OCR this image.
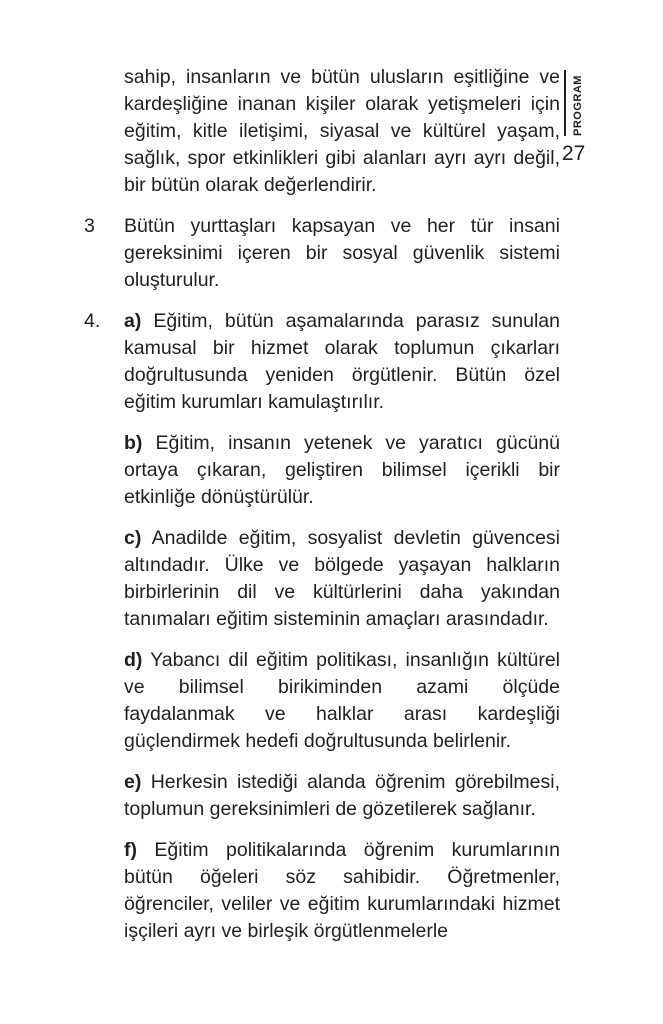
PROGRAM
27

sahip, insanların ve bütün ulusların eşitliğine ve kardeşliğine inanan kişiler olarak yetişmeleri için eğitim, kitle iletişimi, siyasal ve kültürel yaşam, sağlık, spor etkinlikleri gibi alanları ayrı ayrı değil, bir bütün olarak değerlendirir.

3	Bütün yurttaşları kapsayan ve her tür insani gereksinimi içeren bir sosyal güvenlik sistemi oluşturulur.

4.	a) Eğitim, bütün aşamalarında parasız sunulan kamusal bir hizmet olarak toplumun çıkarları doğrultusunda yeniden örgütlenir. Bütün özel eğitim kurumları kamulaştırılır.

b) Eğitim, insanın yetenek ve yaratıcı gücünü ortaya çıkaran, geliştiren bilimsel içerikli bir etkinliğe dönüştürülür.

c) Anadilde eğitim, sosyalist devletin güvencesi altındadır. Ülke ve bölgede yaşayan halkların birbirlerinin dil ve kültürlerini daha yakından tanımaları eğitim sisteminin amaçları arasındadır.

d) Yabancı dil eğitim politikası, insanlığın kültürel ve bilimsel birikiminden azami ölçüde faydalanmak ve halklar arası kardeşliği güçlendirmek hedefi doğrultusunda belirlenir.

e) Herkesin istediği alanda öğrenim görebilmesi, toplumun gereksinimleri de gözetilerek sağlanır.

f) Eğitim politikalarında öğrenim kurumlarının bütün öğeleri söz sahibidir. Öğretmenler, öğrenciler, veliler ve eğitim kurumlarındaki hizmet işçileri ayrı ve birleşik örgütlenmelerle
